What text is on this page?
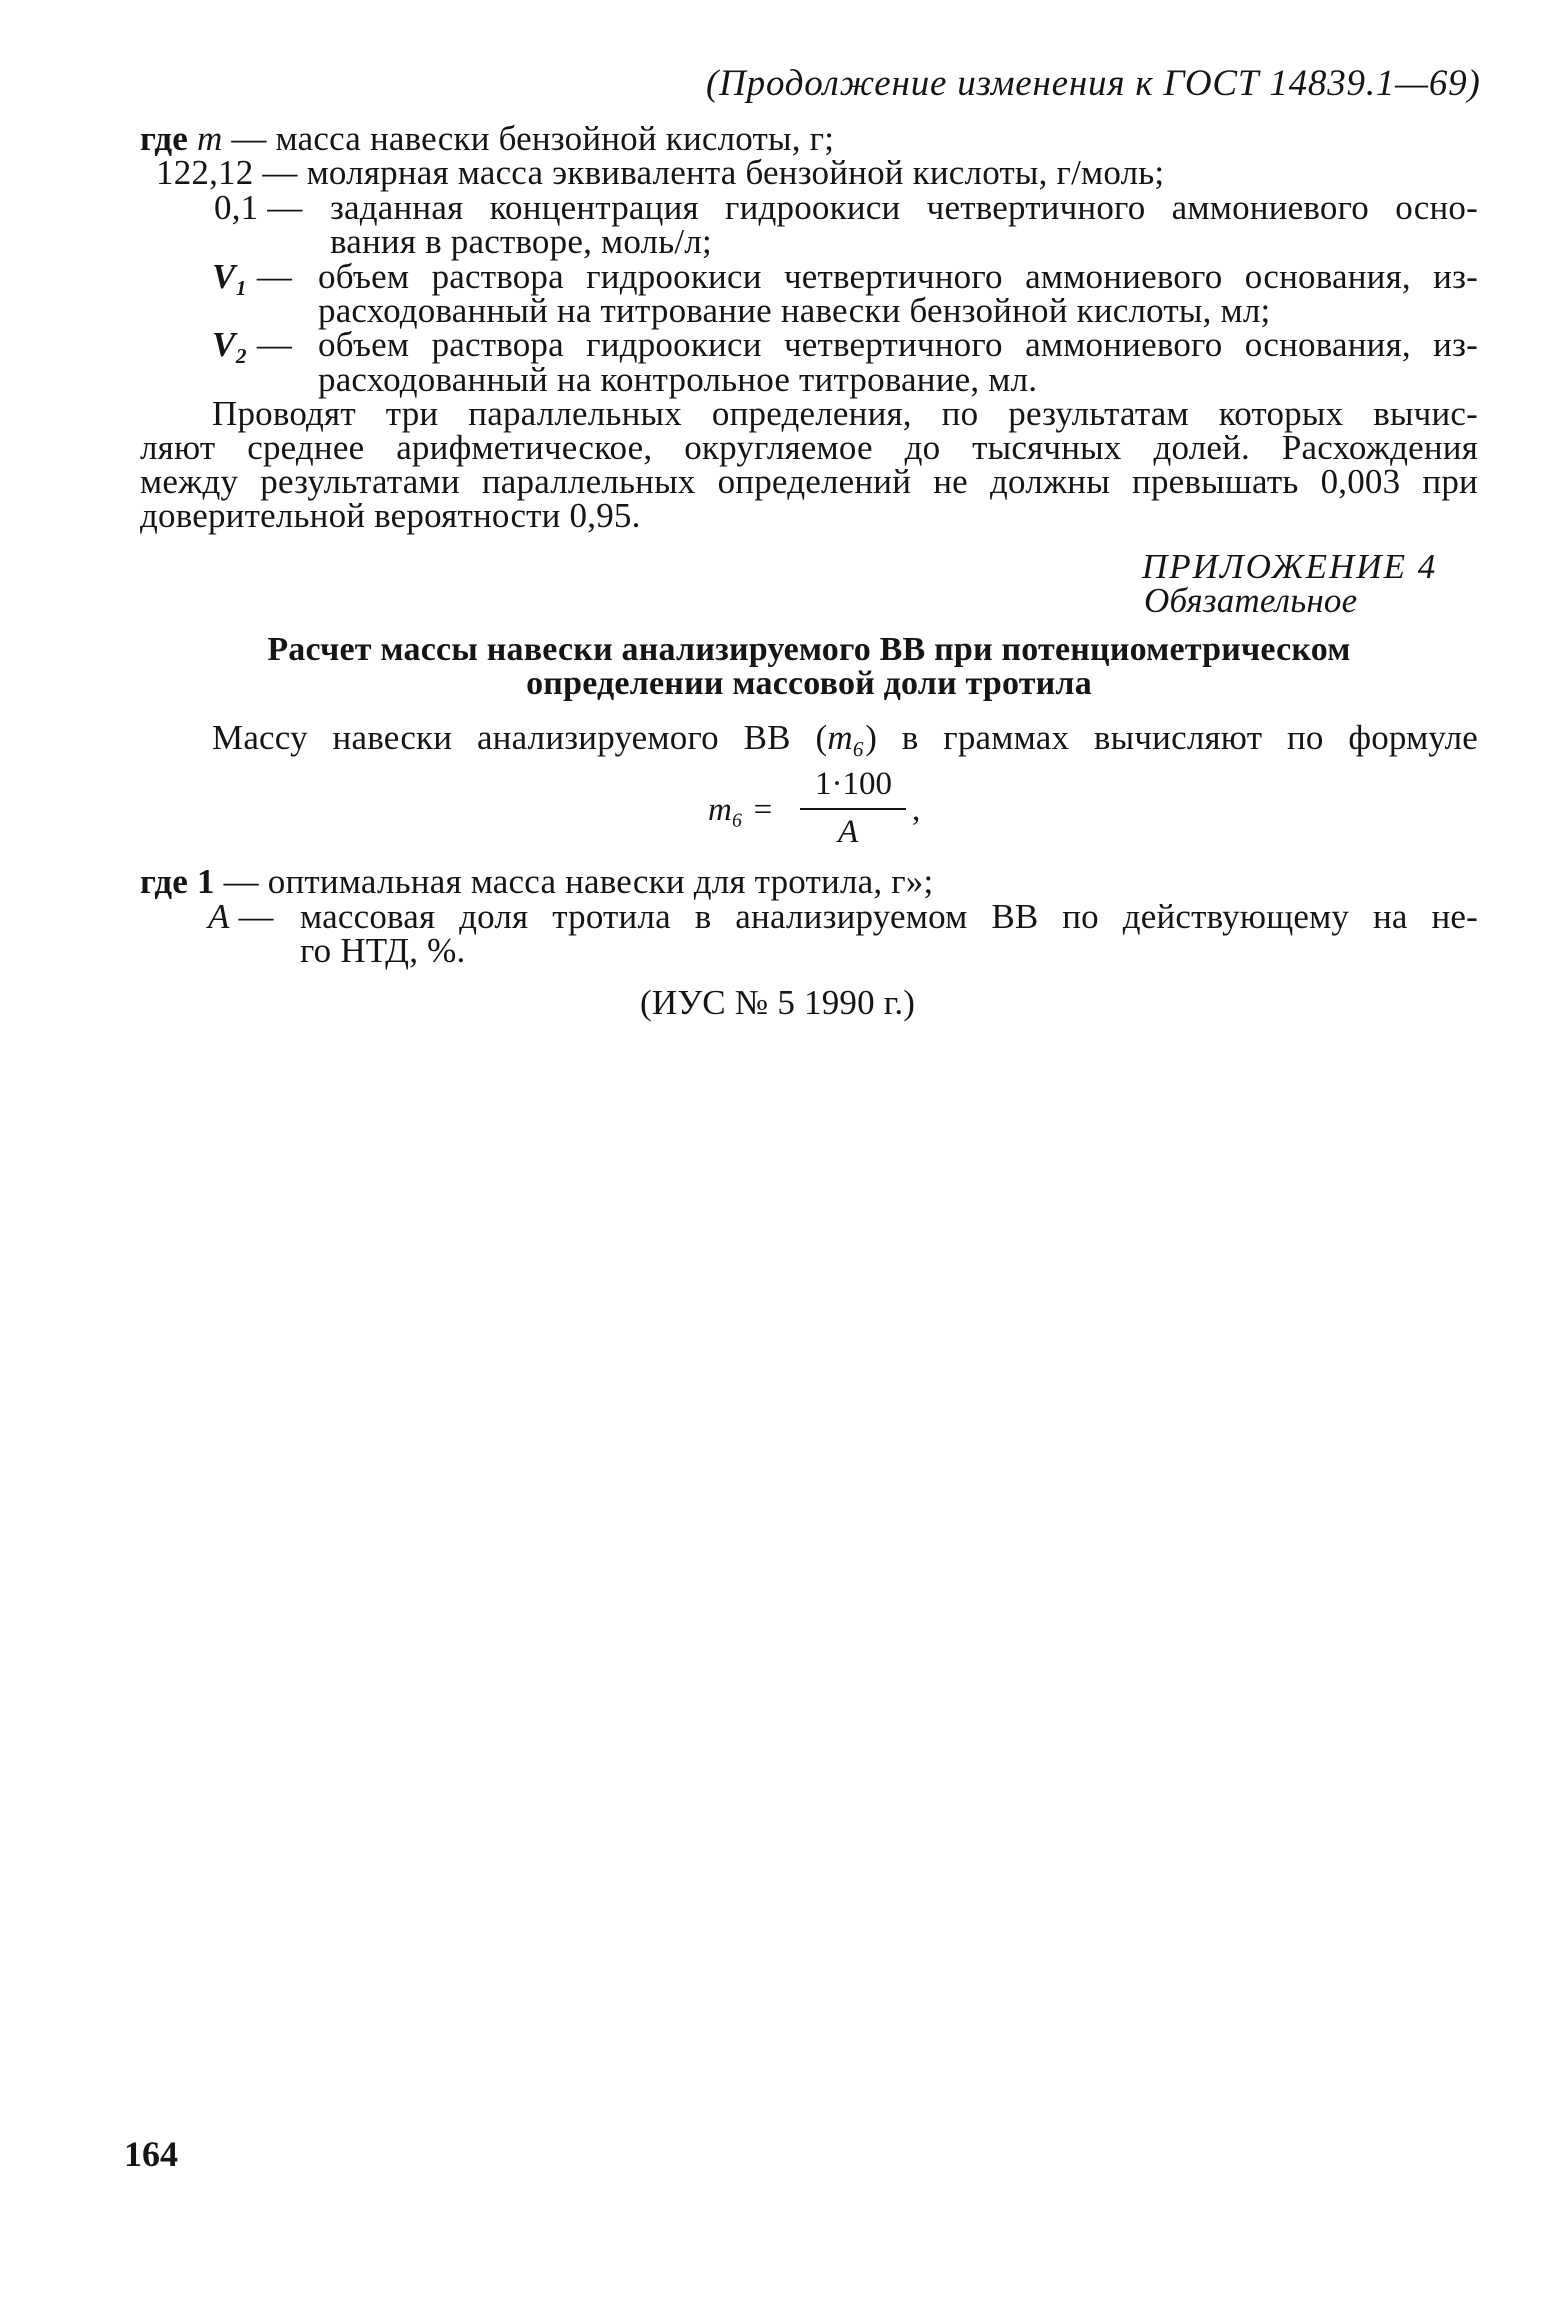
(Продолжение изменения к ГОСТ 14839.1—69)
где m — масса навески бензойной кислоты, г;
122,12 — молярная масса эквивалента бензойной кислоты, г/моль;
0,1 — заданная концентрация гидроокиси четвертичного аммониевого осно-
вания в растворе, моль/л;
V₁ — объем раствора гидроокиси четвертичного аммониевого основания, из-
расходованный на титрование навески бензойной кислоты, мл;
V₂ — объем раствора гидроокиси четвертичного аммониевого основания, из-
расходованный на контрольное титрование, мл.
Проводят три параллельных определения, по результатам которых вычис-
ляют среднее арифметическое, округляемое до тысячных долей. Расхождения
между результатами параллельных определений не должны превышать 0,003 при
доверительной вероятности 0,95.
ПРИЛОЖЕНИЕ 4
Обязательное
Расчет массы навески анализируемого ВВ при потенциометрическом
определении массовой доли тротила
Массу навески анализируемого ВВ (m₆) в граммах вычисляют по формуле
1·100
m₆ =	,
A
где 1 — оптимальная масса навески для тротила, г»;
A — массовая доля тротила в анализируемом ВВ по действующему на не-
го НТД, %.
(ИУС № 5 1990 г.)
164
